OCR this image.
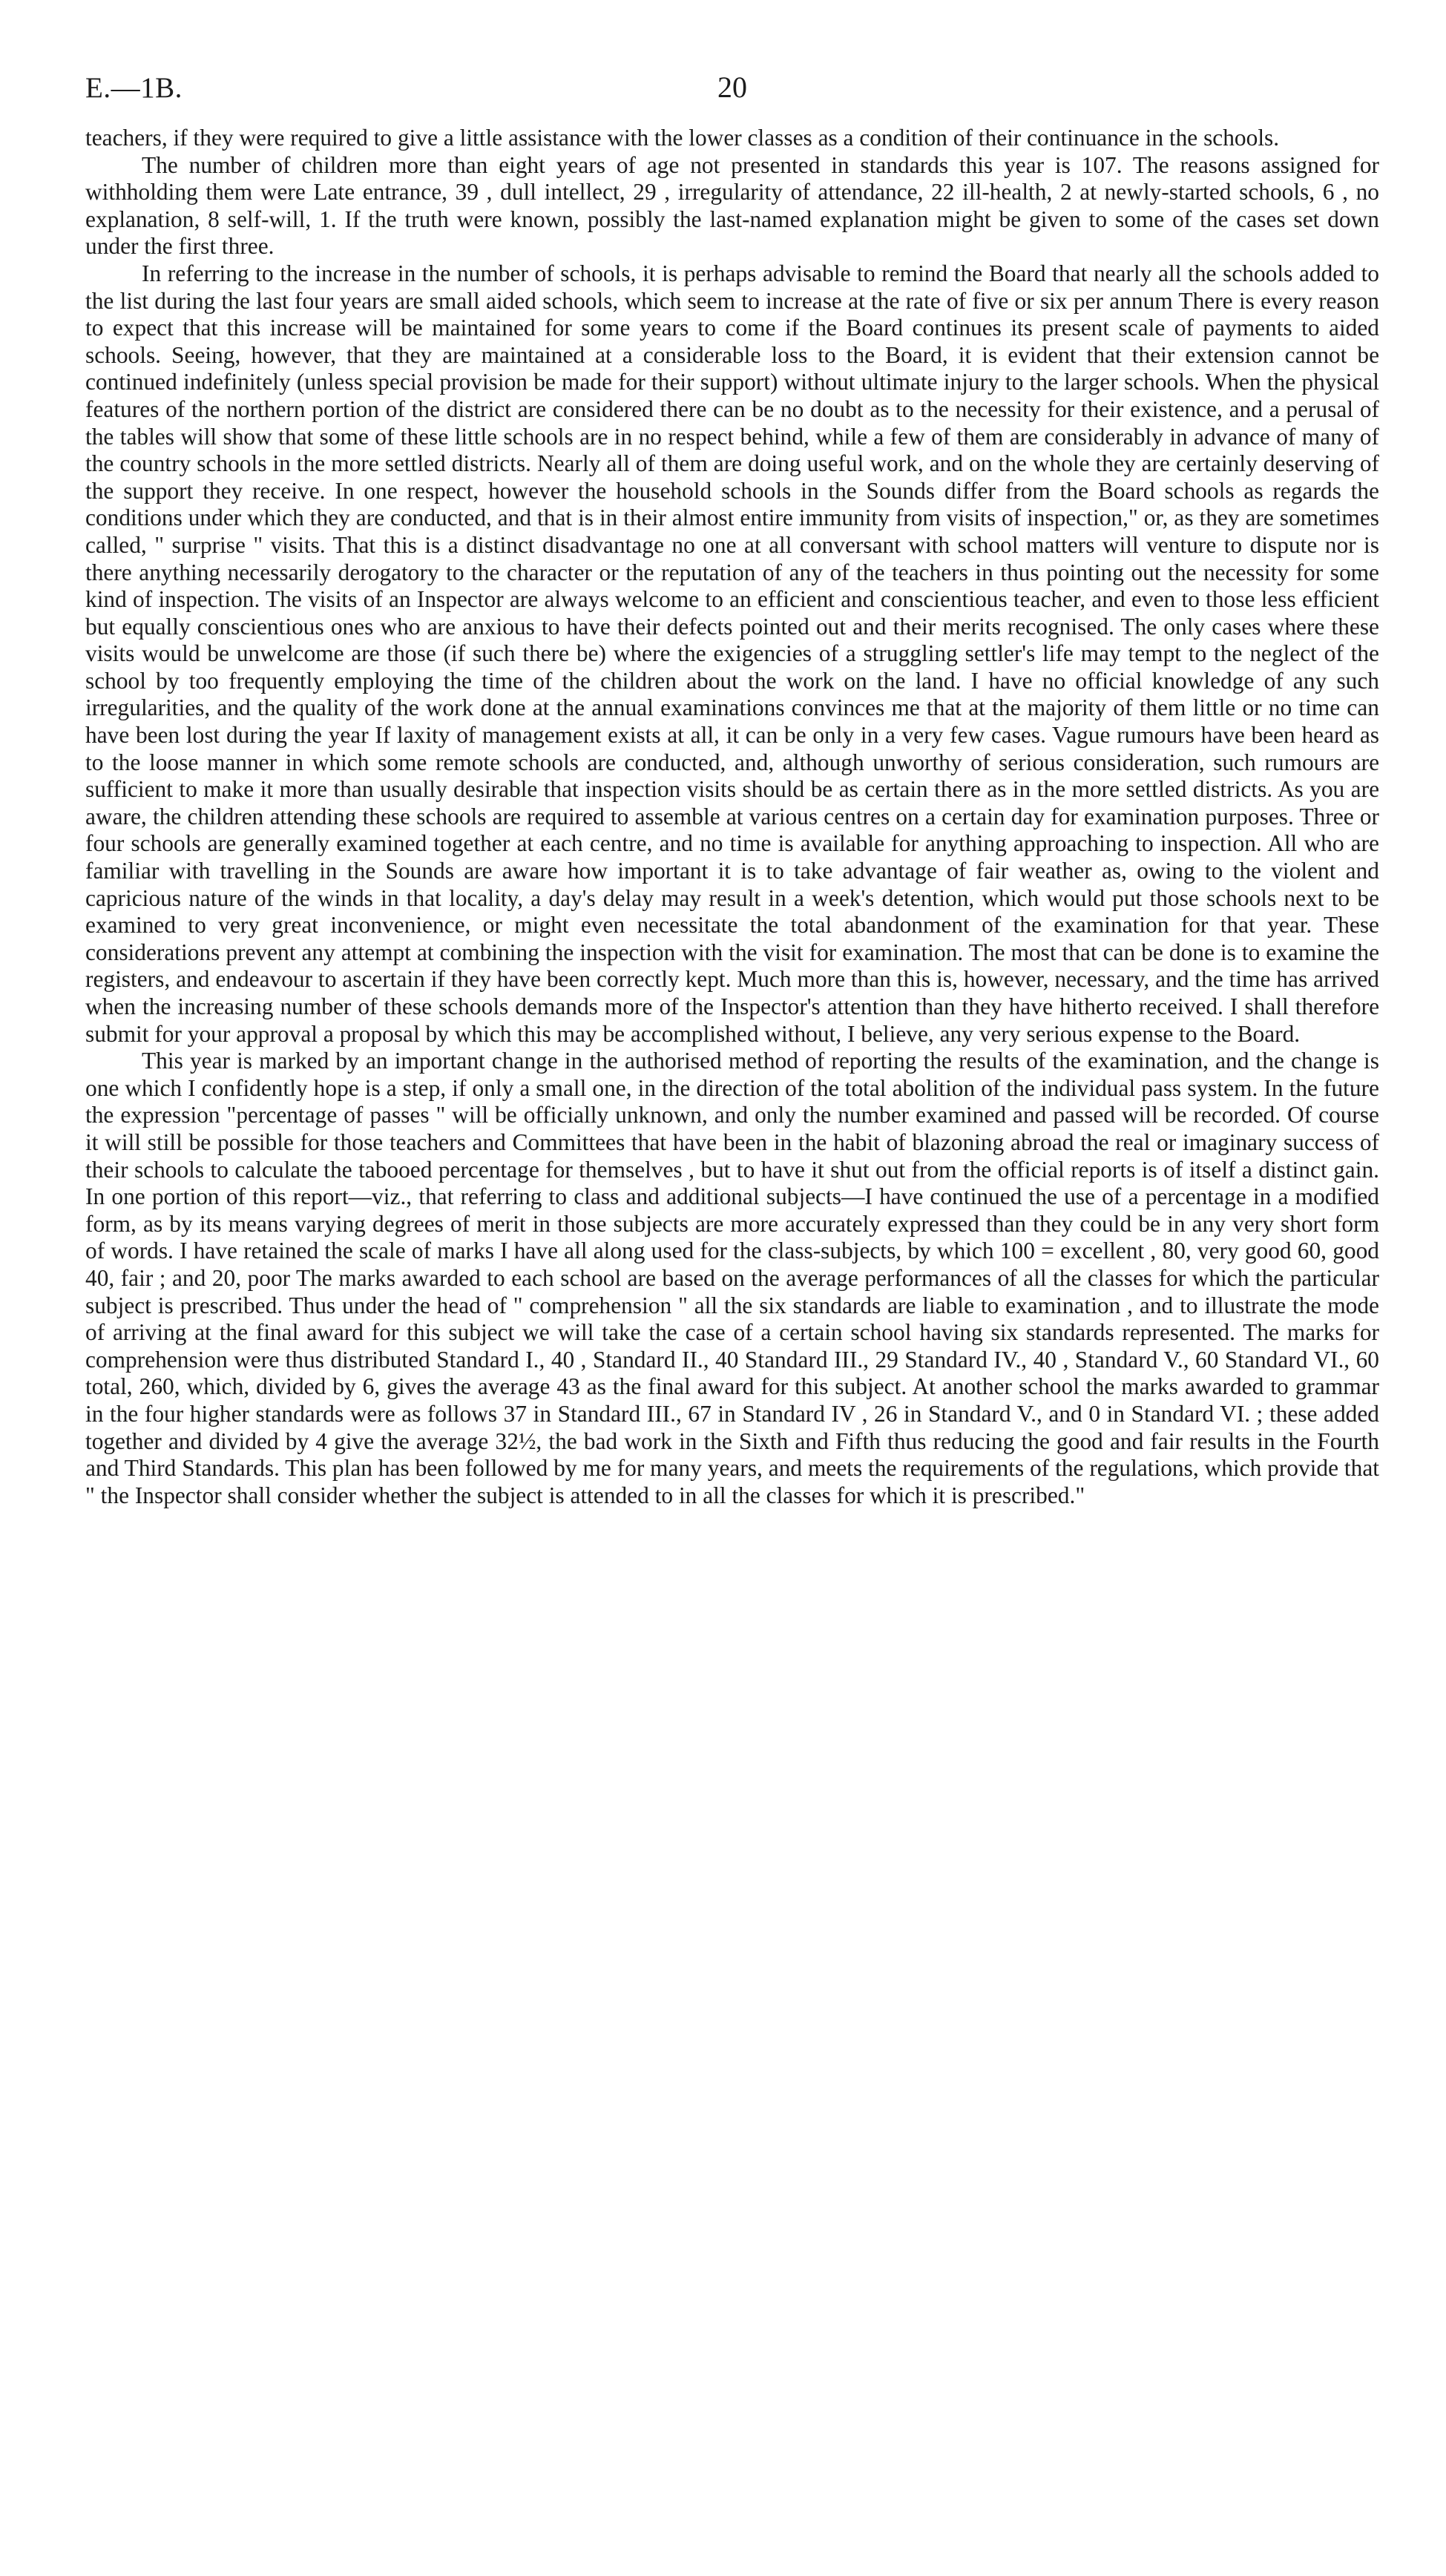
E.—1B.	20

teachers, if they were required to give a little assistance with the lower classes as a condition of their continuance in the schools.

The number of children more than eight years of age not presented in standards this year is 107. The reasons assigned for withholding them were Late entrance, 39 , dull intellect, 29 , irregularity of attendance, 22 ill-health, 2 at newly-started schools, 6 , no explanation, 8 self-will, 1. If the truth were known, possibly the last-named explanation might be given to some of the cases set down under the first three.

In referring to the increase in the number of schools, it is perhaps advisable to remind the Board that nearly all the schools added to the list during the last four years are small aided schools, which seem to increase at the rate of five or six per annum There is every reason to expect that this increase will be maintained for some years to come if the Board continues its present scale of payments to aided schools. Seeing, however, that they are maintained at a considerable loss to the Board, it is evident that their extension cannot be continued indefinitely (unless special provision be made for their support) without ultimate injury to the larger schools. When the physical features of the northern portion of the district are considered there can be no doubt as to the necessity for their existence, and a perusal of the tables will show that some of these little schools are in no respect behind, while a few of them are considerably in advance of many of the country schools in the more settled districts. Nearly all of them are doing useful work, and on the whole they are certainly deserving of the support they receive. In one respect, however the household schools in the Sounds differ from the Board schools as regards the conditions under which they are conducted, and that is in their almost entire immunity from visits of inspection," or, as they are sometimes called, " surprise " visits. That this is a distinct disadvantage no one at all conversant with school matters will venture to dispute nor is there anything necessarily derogatory to the character or the reputation of any of the teachers in thus pointing out the necessity for some kind of inspection. The visits of an Inspector are always welcome to an efficient and conscientious teacher, and even to those less efficient but equally conscientious ones who are anxious to have their defects pointed out and their merits recognised. The only cases where these visits would be unwelcome are those (if such there be) where the exigencies of a struggling settler's life may tempt to the neglect of the school by too frequently employing the time of the children about the work on the land. I have no official knowledge of any such irregularities, and the quality of the work done at the annual examinations convinces me that at the majority of them little or no time can have been lost during the year If laxity of management exists at all, it can be only in a very few cases. Vague rumours have been heard as to the loose manner in which some remote schools are conducted, and, although unworthy of serious consideration, such rumours are sufficient to make it more than usually desirable that inspection visits should be as certain there as in the more settled districts. As you are aware, the children attending these schools are required to assemble at various centres on a certain day for examination purposes. Three or four schools are generally examined together at each centre, and no time is available for anything approaching to inspection. All who are familiar with travelling in the Sounds are aware how important it is to take advantage of fair weather as, owing to the violent and capricious nature of the winds in that locality, a day's delay may result in a week's detention, which would put those schools next to be examined to very great inconvenience, or might even necessitate the total abandonment of the examination for that year. These considerations prevent any attempt at combining the inspection with the visit for examination. The most that can be done is to examine the registers, and endeavour to ascertain if they have been correctly kept. Much more than this is, however, necessary, and the time has arrived when the increasing number of these schools demands more of the Inspector's attention than they have hitherto received. I shall therefore submit for your approval a proposal by which this may be accomplished without, I believe, any very serious expense to the Board.

This year is marked by an important change in the authorised method of reporting the results of the examination, and the change is one which I confidently hope is a step, if only a small one, in the direction of the total abolition of the individual pass system. In the future the expression "percentage of passes " will be officially unknown, and only the number examined and passed will be recorded. Of course it will still be possible for those teachers and Committees that have been in the habit of blazoning abroad the real or imaginary success of their schools to calculate the tabooed percentage for themselves , but to have it shut out from the official reports is of itself a distinct gain. In one portion of this report—viz., that referring to class and additional subjects—I have continued the use of a percentage in a modified form, as by its means varying degrees of merit in those subjects are more accurately expressed than they could be in any very short form of words. I have retained the scale of marks I have all along used for the class-subjects, by which 100 = excellent , 80, very good 60, good 40, fair ; and 20, poor The marks awarded to each school are based on the average performances of all the classes for which the particular subject is prescribed. Thus under the head of " comprehension " all the six standards are liable to examination , and to illustrate the mode of arriving at the final award for this subject we will take the case of a certain school having six standards represented. The marks for comprehension were thus distributed Standard I., 40 , Standard II., 40 Standard III., 29 Standard IV., 40 , Standard V., 60 Standard VI., 60 total, 260, which, divided by 6, gives the average 43 as the final award for this subject. At another school the marks awarded to grammar in the four higher standards were as follows 37 in Standard III., 67 in Standard IV , 26 in Standard V., and 0 in Standard VI. ; these added together and divided by 4 give the average 32½, the bad work in the Sixth and Fifth thus reducing the good and fair results in the Fourth and Third Standards. This plan has been followed by me for many years, and meets the requirements of the regulations, which provide that " the Inspector shall consider whether the subject is attended to in all the classes for which it is prescribed."
